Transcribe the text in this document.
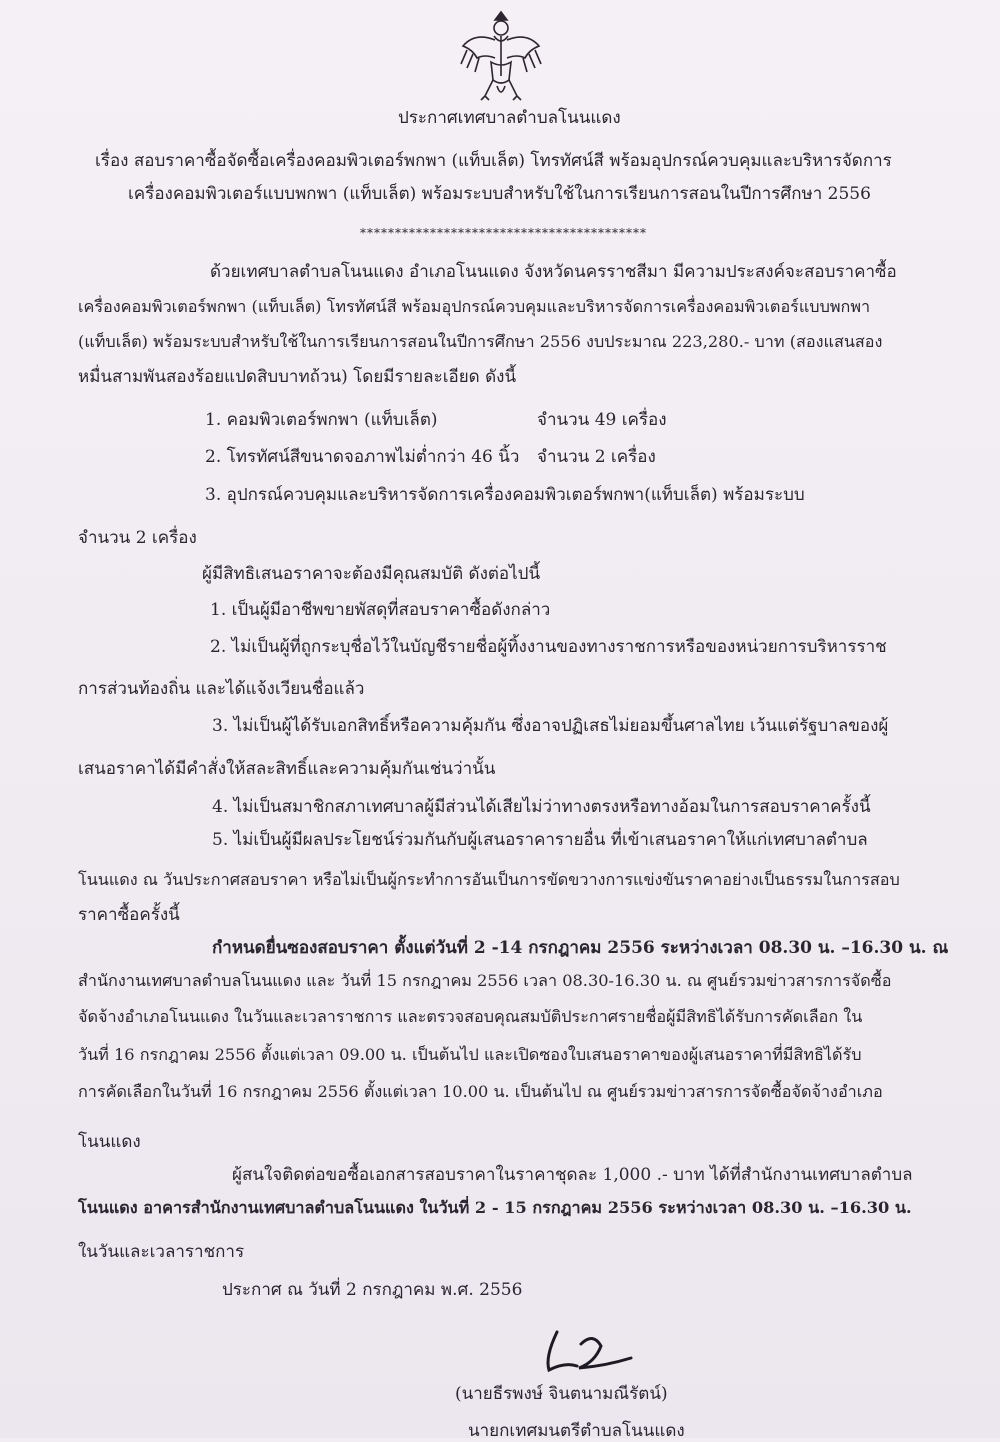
ประกาศเทศบาลตำบลโนนแดง
เรื่อง สอบราคาซื้อจัดซื้อเครื่องคอมพิวเตอร์พกพา (แท็บเล็ต) โทรทัศน์สี พร้อมอุปกรณ์ควบคุมและบริหารจัดการ
เครื่องคอมพิวเตอร์แบบพกพา (แท็บเล็ต) พร้อมระบบสำหรับใช้ในการเรียนการสอนในปีการศึกษา 2556
*****************************************
ด้วยเทศบาลตำบลโนนแดง อำเภอโนนแดง จังหวัดนครราชสีมา มีความประสงค์จะสอบราคาซื้อ
เครื่องคอมพิวเตอร์พกพา (แท็บเล็ต) โทรทัศน์สี พร้อมอุปกรณ์ควบคุมและบริหารจัดการเครื่องคอมพิวเตอร์แบบพกพา
(แท็บเล็ต) พร้อมระบบสำหรับใช้ในการเรียนการสอนในปีการศึกษา 2556 งบประมาณ 223,280.- บาท (สองแสนสอง
หมื่นสามพันสองร้อยแปดสิบบาทถ้วน) โดยมีรายละเอียด ดังนี้
1. คอมพิวเตอร์พกพา (แท็บเล็ต)	จำนวน 49 เครื่อง
2. โทรทัศน์สีขนาดจอภาพไม่ต่ำกว่า 46 นิ้ว จำนวน 2 เครื่อง
3. อุปกรณ์ควบคุมและบริหารจัดการเครื่องคอมพิวเตอร์พกพา(แท็บเล็ต) พร้อมระบบ
จำนวน 2 เครื่อง
ผู้มีสิทธิเสนอราคาจะต้องมีคุณสมบัติ ดังต่อไปนี้
1. เป็นผู้มีอาชีพขายพัสดุที่สอบราคาซื้อดังกล่าว
2. ไม่เป็นผู้ที่ถูกระบุชื่อไว้ในบัญชีรายชื่อผู้ทิ้งงานของทางราชการหรือของหน่วยการบริหารราช
การส่วนท้องถิ่น และได้แจ้งเวียนชื่อแล้ว
3. ไม่เป็นผู้ได้รับเอกสิทธิ์หรือความคุ้มกัน ซึ่งอาจปฏิเสธไม่ยอมขึ้นศาลไทย เว้นแต่รัฐบาลของผู้
เสนอราคาได้มีคำสั่งให้สละสิทธิ์และความคุ้มกันเช่นว่านั้น
4. ไม่เป็นสมาชิกสภาเทศบาลผู้มีส่วนได้เสียไม่ว่าทางตรงหรือทางอ้อมในการสอบราคาครั้งนี้
5. ไม่เป็นผู้มีผลประโยชน์ร่วมกันกับผู้เสนอราคารายอื่น ที่เข้าเสนอราคาให้แก่เทศบาลตำบล
โนนแดง ณ วันประกาศสอบราคา หรือไม่เป็นผู้กระทำการอันเป็นการขัดขวางการแข่งขันราคาอย่างเป็นธรรมในการสอบ
ราคาซื้อครั้งนี้
กำหนดยื่นซองสอบราคา ตั้งแต่วันที่ 2 -14 กรกฎาคม 2556 ระหว่างเวลา 08.30 น. –16.30 น. ณ
สำนักงานเทศบาลตำบลโนนแดง และ วันที่ 15 กรกฎาคม 2556 เวลา 08.30-16.30 น. ณ ศูนย์รวมข่าวสารการจัดซื้อ
จัดจ้างอำเภอโนนแดง ในวันและเวลาราชการ และตรวจสอบคุณสมบัติประกาศรายชื่อผู้มีสิทธิได้รับการคัดเลือก ใน
วันที่ 16 กรกฎาคม 2556 ตั้งแต่เวลา 09.00 น. เป็นต้นไป และเปิดซองใบเสนอราคาของผู้เสนอราคาที่มีสิทธิได้รับ
การคัดเลือกในวันที่ 16 กรกฎาคม 2556 ตั้งแต่เวลา 10.00 น. เป็นต้นไป ณ ศูนย์รวมข่าวสารการจัดซื้อจัดจ้างอำเภอ
โนนแดง
ผู้สนใจติดต่อขอซื้อเอกสารสอบราคาในราคาชุดละ 1,000 .- บาท ได้ที่สำนักงานเทศบาลตำบล
โนนแดง อาคารสำนักงานเทศบาลตำบลโนนแดง ในวันที่ 2 - 15 กรกฎาคม 2556 ระหว่างเวลา 08.30 น. –16.30 น.
ในวันและเวลาราชการ
ประกาศ ณ วันที่ 2 กรกฎาคม พ.ศ. 2556
(นายธีรพงษ์ จินตนามณีรัตน์)
นายกเทศมนตรีตำบลโนนแดง
